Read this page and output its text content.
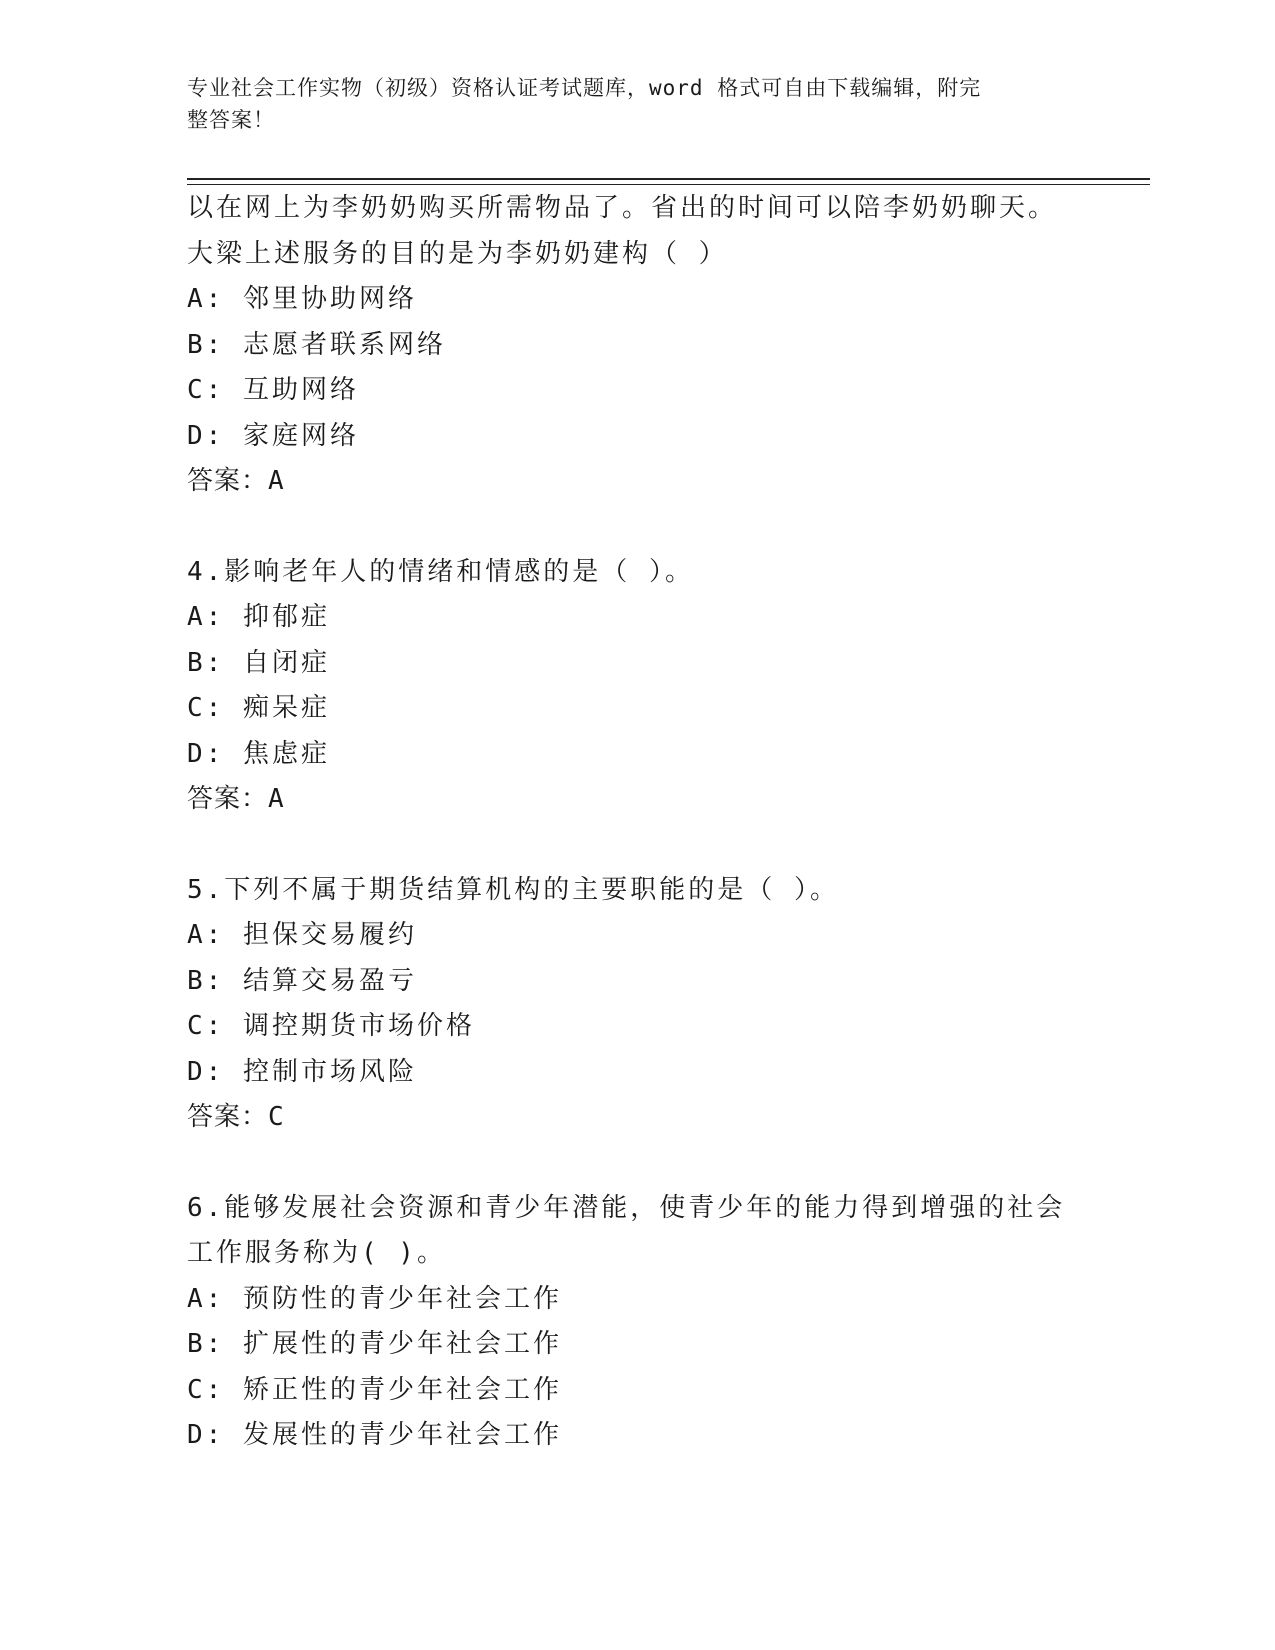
专业社会工作实物（初级）资格认证考试题库，word 格式可自由下载编辑，附完
整答案！
以在网上为李奶奶购买所需物品了。省出的时间可以陪李奶奶聊天。
大梁上述服务的目的是为李奶奶建构（ ）
A: 邻里协助网络
B: 志愿者联系网络
C: 互助网络
D: 家庭网络
答案：A
4.影响老年人的情绪和情感的是（ ）。
A: 抑郁症
B: 自闭症
C: 痴呆症
D: 焦虑症
答案：A
5.下列不属于期货结算机构的主要职能的是（ ）。
A: 担保交易履约
B: 结算交易盈亏
C: 调控期货市场价格
D: 控制市场风险
答案：C
6.能够发展社会资源和青少年潜能，使青少年的能力得到增强的社会
工作服务称为( )。
A: 预防性的青少年社会工作
B: 扩展性的青少年社会工作
C: 矫正性的青少年社会工作
D: 发展性的青少年社会工作
